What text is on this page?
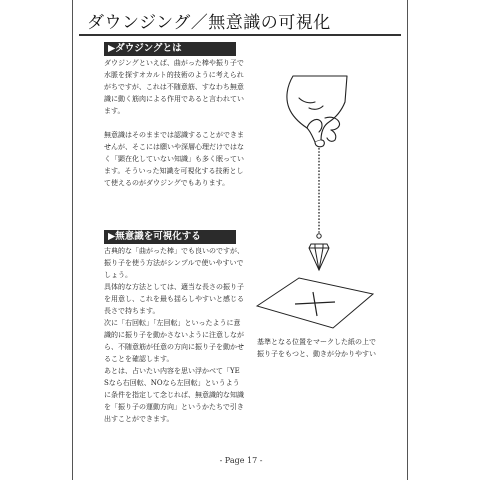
ダウンジング／無意識の可視化
▶ダウジングとは

ダウジングといえば、曲がった棒や振り子で水脈を探すオカルト的技術のように考えられがちですが、これは不随意筋、すなわち無意識に動く筋肉による作用であると言われています。

無意識はそのままでは認識することができませんが、そこには願いや深層心理だけではなく「顕在化していない知識」も多く眠っています。そういった知識を可視化する技術として使えるのがダウジングでもあります。

▶無意識を可視化する

古典的な「曲がった棒」でも良いのですが、振り子を使う方法がシンプルで使いやすいでしょう。

具体的な方法としては、適当な長さの振り子を用意し、これを最も揺らしやすいと感じる長さで持ちます。

次に「右回転」「左回転」といったように意識的に振り子を動かさないように注意しながら、不随意筋が任意の方向に振り子を動かせることを確認します。

あとは、占いたい内容を思い浮かべて「YESなら右回転、NOなら左回転」というように条件を指定して念じれば、無意識的な知識を「振り子の運動方向」というかたちで引き出すことができます。

基準となる位置をマークした紙の上で

振り子をもつと、動きが分かりやすい

- Page 17 -
